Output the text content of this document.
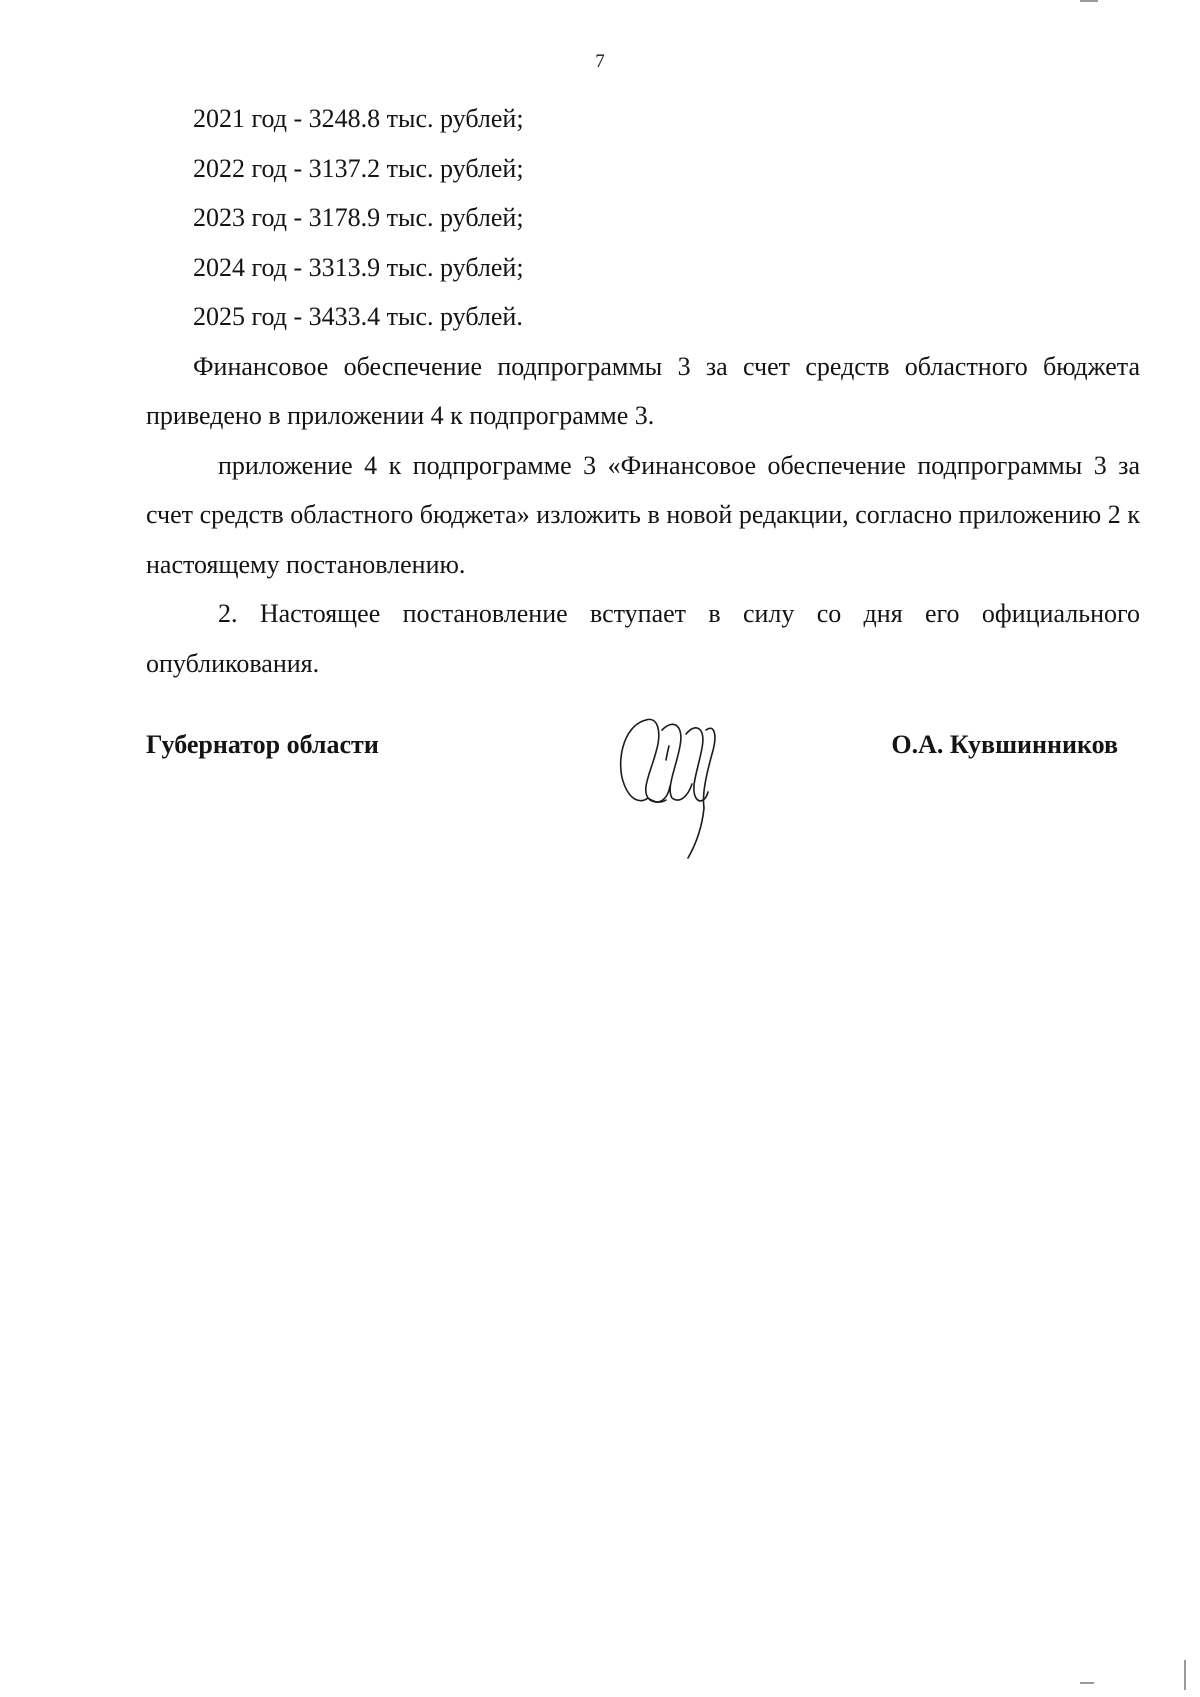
7

2021 год - 3248.8 тыс. рублей;

2022 год - 3137.2 тыс. рублей;

2023 год - 3178.9 тыс. рублей;

2024 год - 3313.9 тыс. рублей;

2025 год - 3433.4 тыс. рублей.

Финансовое обеспечение подпрограммы 3 за счет средств областного бюджета приведено в приложении 4 к подпрограмме 3.

приложение 4 к подпрограмме 3 «Финансовое обеспечение подпрограммы 3 за счет средств областного бюджета» изложить в новой редакции, согласно приложению 2 к настоящему постановлению.

2. Настоящее постановление вступает в силу со дня его официального опубликования.

Губернатор области	О.А. Кувшинников
